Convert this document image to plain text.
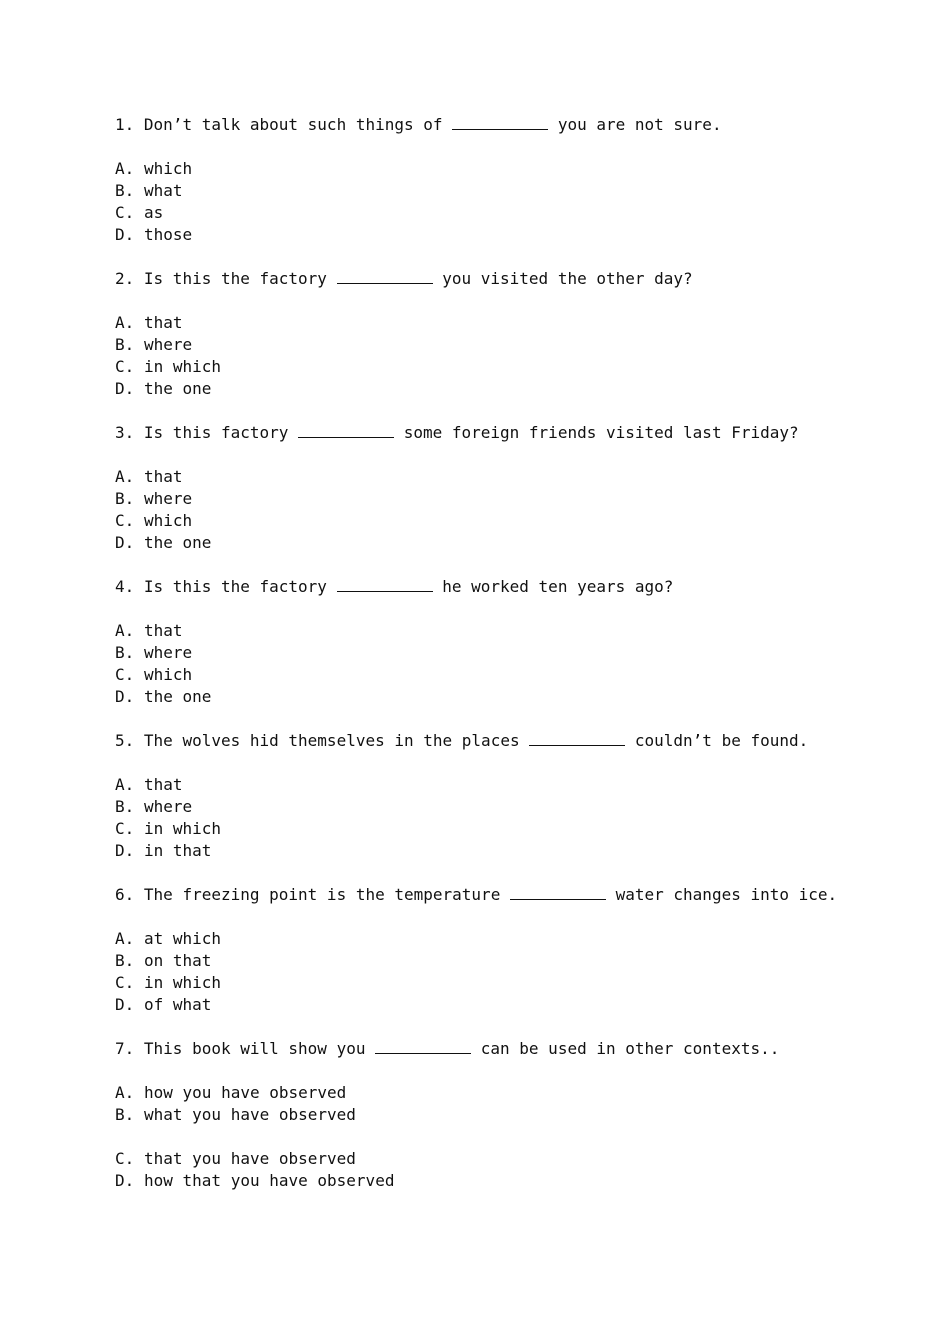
1. Don’t talk about such things of	you are not sure.
A. which
B. what
C. as
D. those
2. Is this the factory	you visited the other day?
A. that
B. where
C. in which
D. the one
3. Is this factory	some foreign friends visited last Friday?
A. that
B. where
C. which
D. the one
4. Is this the factory	he worked ten years ago?
A. that
B. where
C. which
D. the one
5. The wolves hid themselves in the places	couldn’t be found.
A. that
B. where
C. in which
D. in that
6. The freezing point is the temperature	water changes into ice.
A. at which
B. on that
C. in which
D. of what
7. This book will show you	can be used in other contexts..
A. how you have observed
B. what you have observed
C. that you have observed
D. how that you have observed
